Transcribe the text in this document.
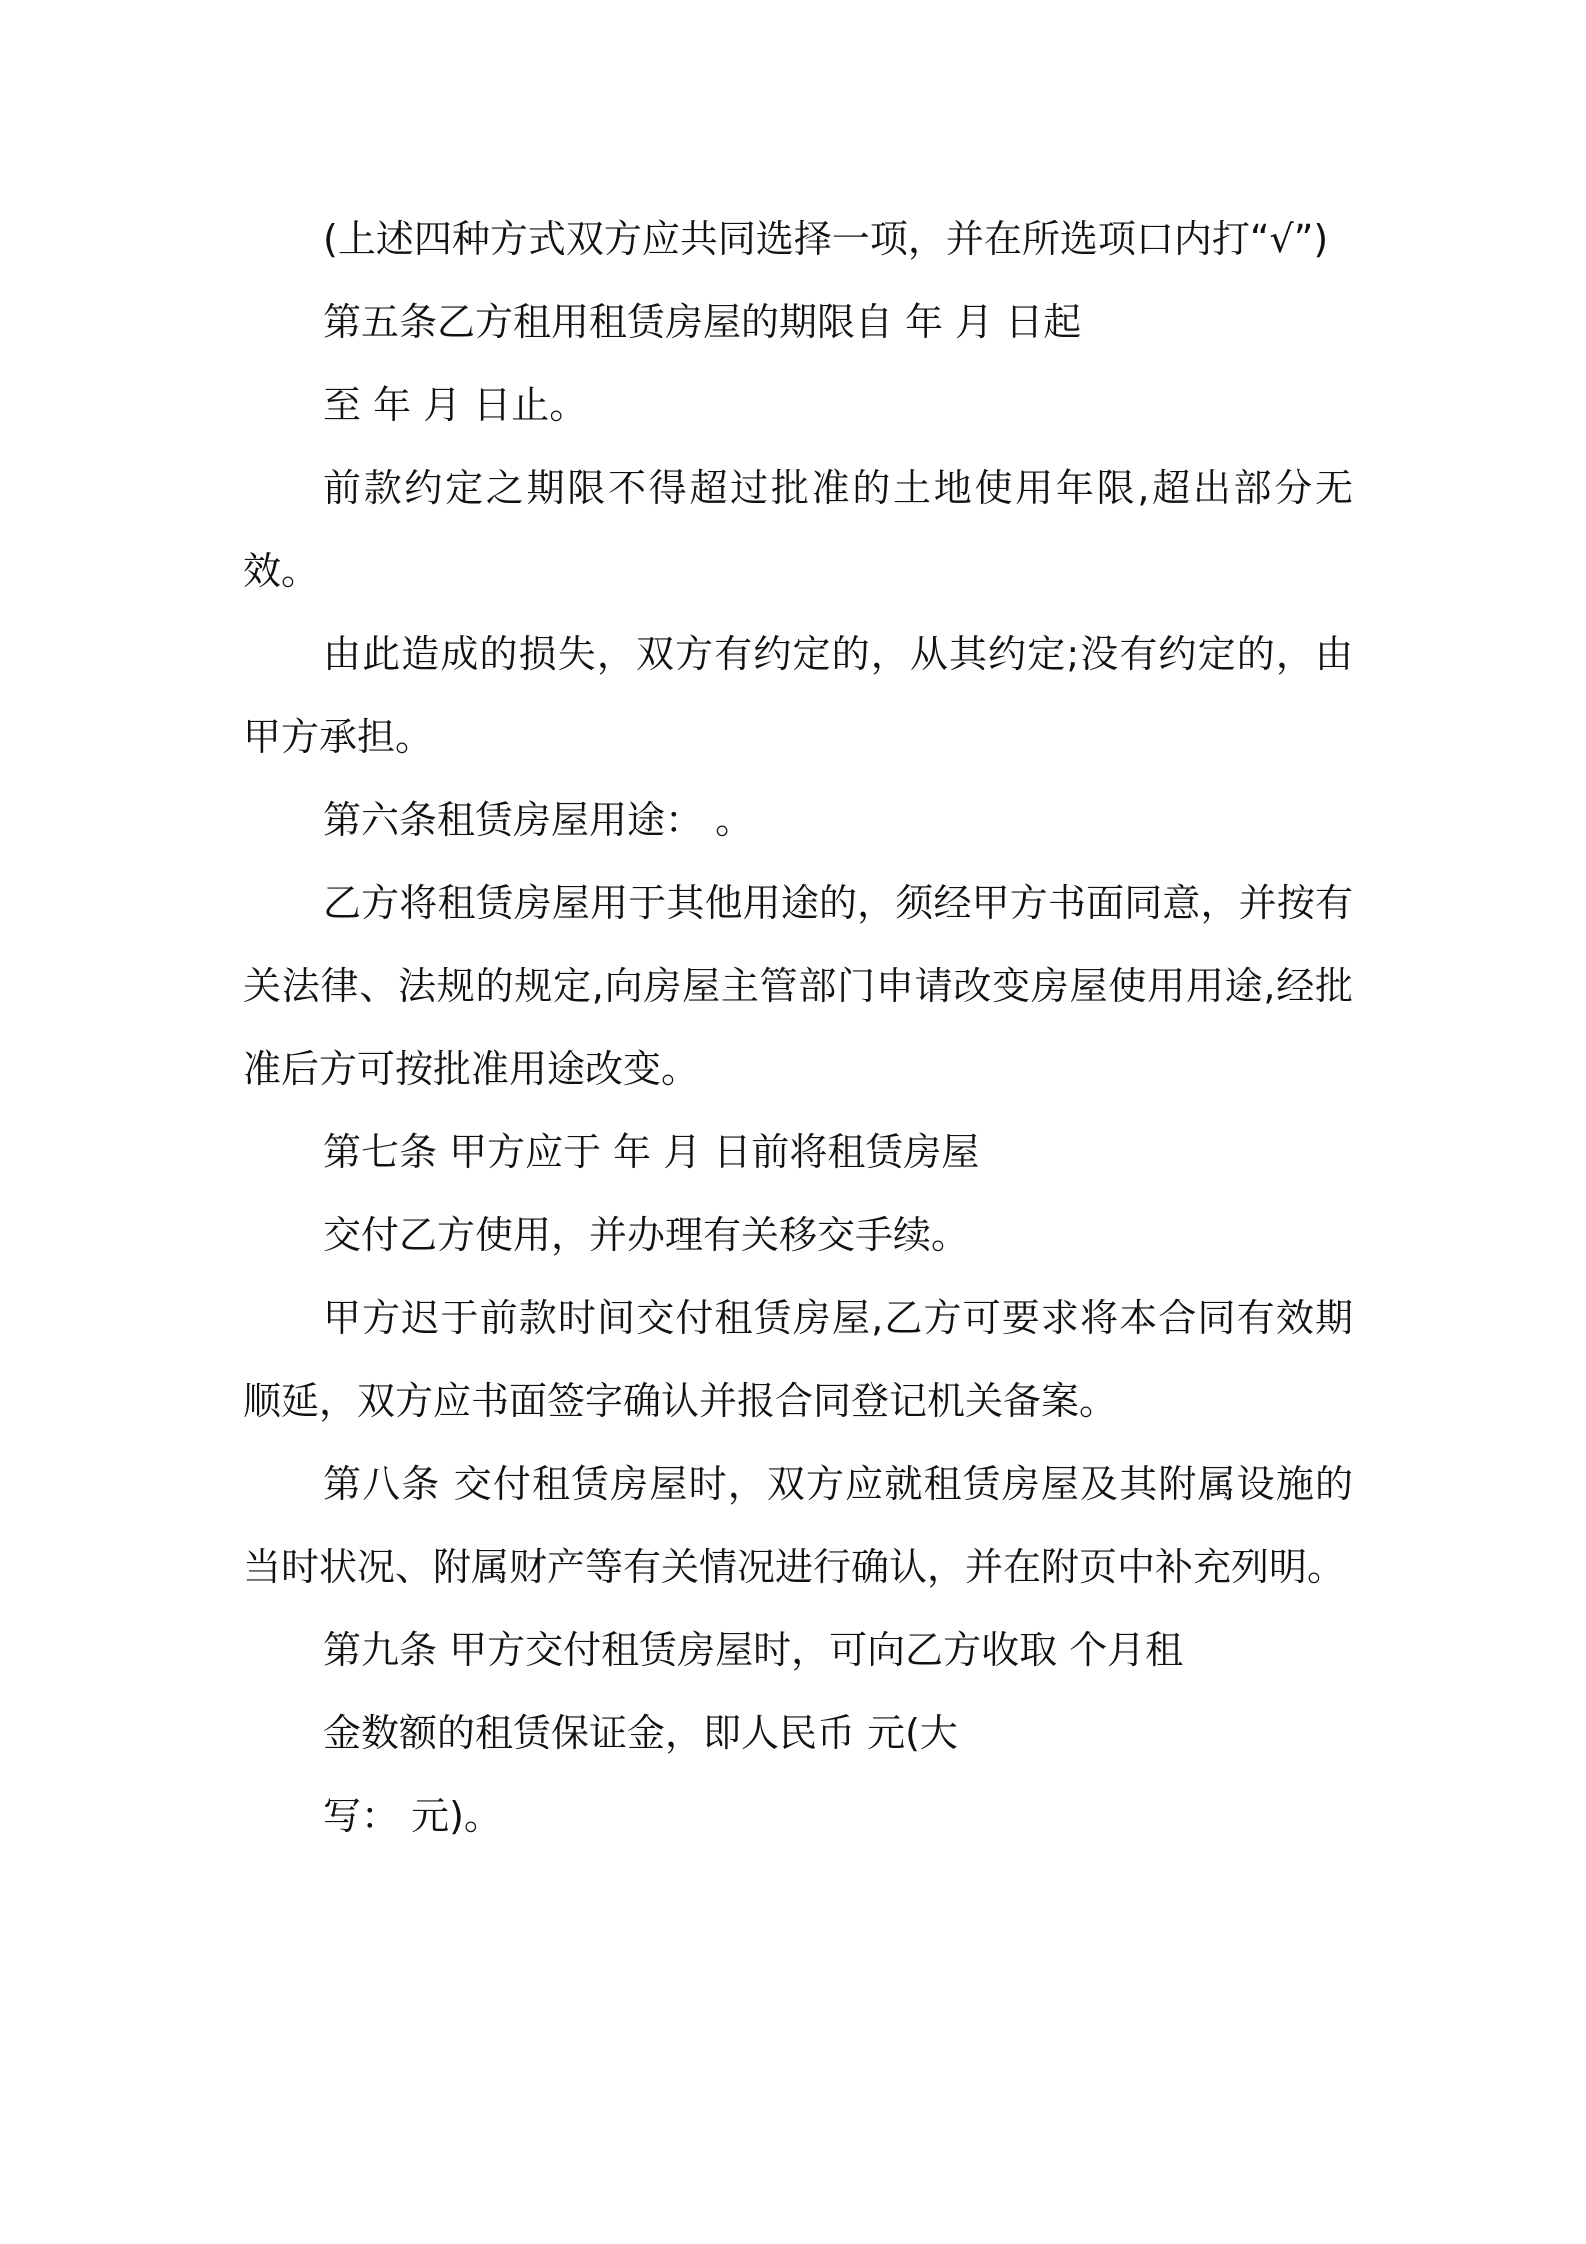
(上述四种方式双方应共同选择一项，并在所选项口内打“√”)

第五条乙方租用租赁房屋的期限自 年 月 日起

至 年 月 日止。

前款约定之期限不得超过批准的土地使用年限,超出部分无效。

由此造成的损失，双方有约定的，从其约定;没有约定的，由甲方承担。

第六条租赁房屋用途： 。

乙方将租赁房屋用于其他用途的，须经甲方书面同意，并按有关法律、法规的规定,向房屋主管部门申请改变房屋使用用途,经批准后方可按批准用途改变。

第七条 甲方应于 年 月 日前将租赁房屋

交付乙方使用，并办理有关移交手续。

甲方迟于前款时间交付租赁房屋,乙方可要求将本合同有效期顺延，双方应书面签字确认并报合同登记机关备案。

第八条 交付租赁房屋时，双方应就租赁房屋及其附属设施的当时状况、附属财产等有关情况进行确认，并在附页中补充列明。

第九条 甲方交付租赁房屋时，可向乙方收取 个月租

金数额的租赁保证金，即人民币 元(大

写： 元)。
